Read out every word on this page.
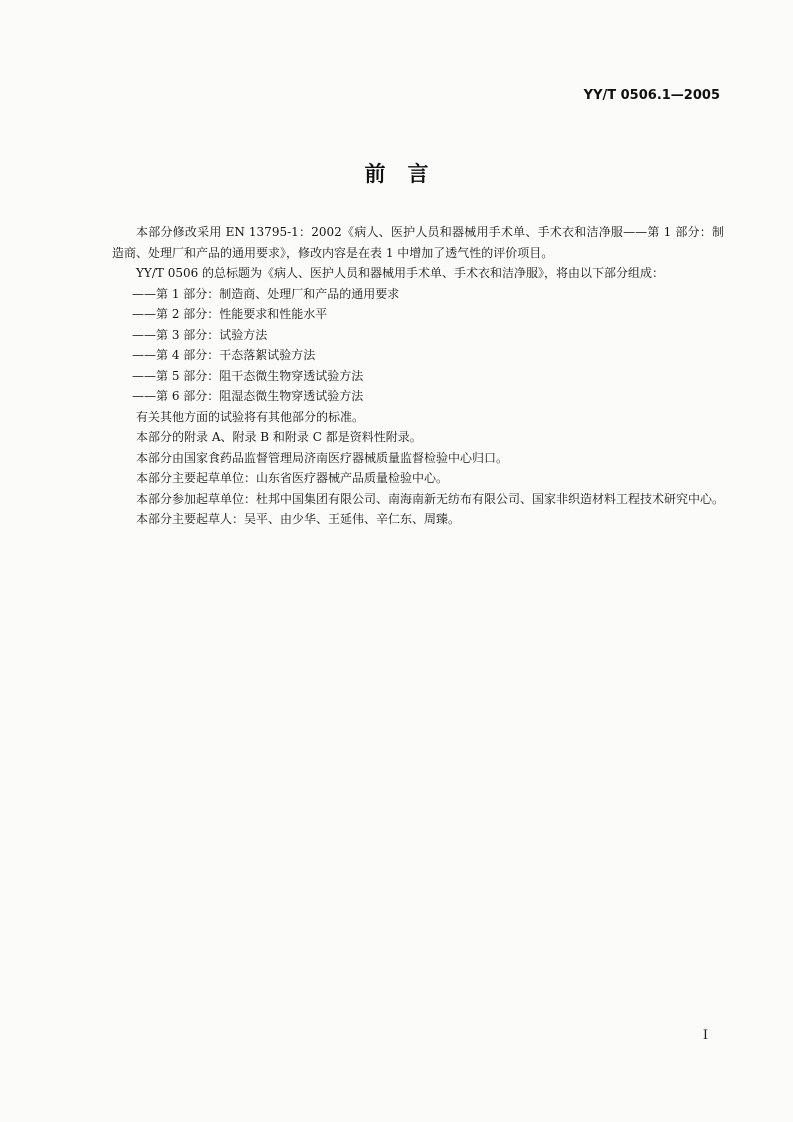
YY/T 0506.1—2005
前言

本部分修改采用 EN 13795-1：2002《病人、医护人员和器械用手术单、手术衣和洁净服——第 1 部分：制造商、处理厂和产品的通用要求》，修改内容是在表 1 中增加了透气性的评价项目。

YY/T 0506 的总标题为《病人、医护人员和器械用手术单、手术衣和洁净服》，将由以下部分组成：

——第 1 部分：制造商、处理厂和产品的通用要求

——第 2 部分：性能要求和性能水平

——第 3 部分：试验方法

——第 4 部分：干态落絮试验方法

——第 5 部分：阻干态微生物穿透试验方法

——第 6 部分：阻湿态微生物穿透试验方法

有关其他方面的试验将有其他部分的标准。

本部分的附录 A、附录 B 和附录 C 都是资料性附录。

本部分由国家食药品监督管理局济南医疗器械质量监督检验中心归口。

本部分主要起草单位：山东省医疗器械产品质量检验中心。

本部分参加起草单位：杜邦中国集团有限公司、南海南新无纺布有限公司、国家非织造材料工程技术研究中心。

本部分主要起草人：吴平、由少华、王延伟、辛仁东、周臻。

I
